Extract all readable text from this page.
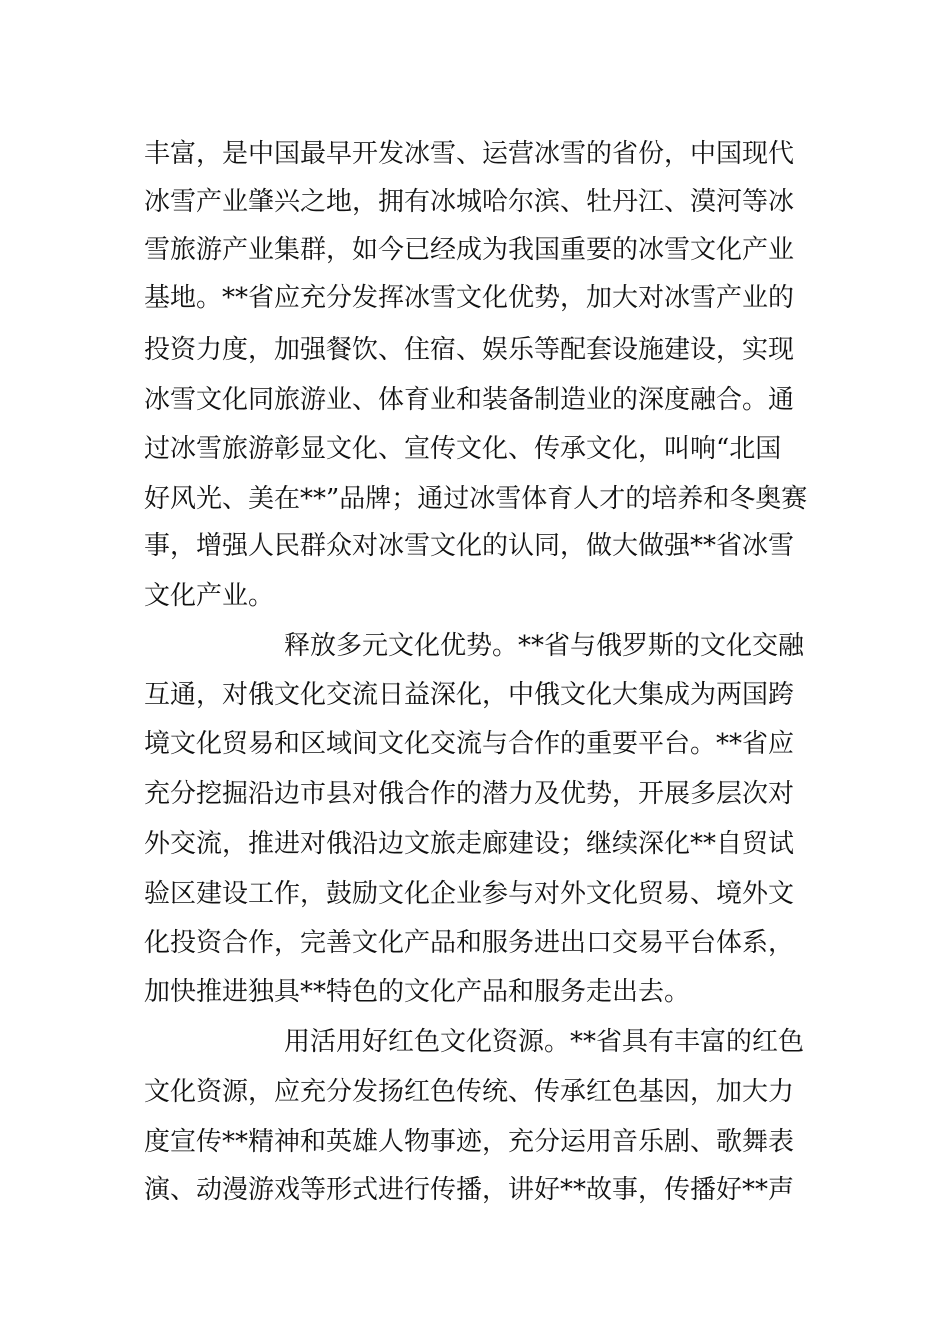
丰富，是中国最早开发冰雪、运营冰雪的省份，中国现代
冰雪产业肇兴之地，拥有冰城哈尔滨、牡丹江、漠河等冰
雪旅游产业集群，如今已经成为我国重要的冰雪文化产业
基地。**省应充分发挥冰雪文化优势，加大对冰雪产业的
投资力度，加强餐饮、住宿、娱乐等配套设施建设，实现
冰雪文化同旅游业、体育业和装备制造业的深度融合。通
过冰雪旅游彰显文化、宣传文化、传承文化，叫响“北国
好风光、美在**”品牌；通过冰雪体育人才的培养和冬奥赛
事，增强人民群众对冰雪文化的认同，做大做强**省冰雪
文化产业。
释放多元文化优势。**省与俄罗斯的文化交融
互通，对俄文化交流日益深化，中俄文化大集成为两国跨
境文化贸易和区域间文化交流与合作的重要平台。**省应
充分挖掘沿边市县对俄合作的潜力及优势，开展多层次对
外交流，推进对俄沿边文旅走廊建设；继续深化**自贸试
验区建设工作，鼓励文化企业参与对外文化贸易、境外文
化投资合作，完善文化产品和服务进出口交易平台体系，
加快推进独具**特色的文化产品和服务走出去。
用活用好红色文化资源。**省具有丰富的红色
文化资源，应充分发扬红色传统、传承红色基因，加大力
度宣传**精神和英雄人物事迹，充分运用音乐剧、歌舞表
演、动漫游戏等形式进行传播，讲好**故事，传播好**声
